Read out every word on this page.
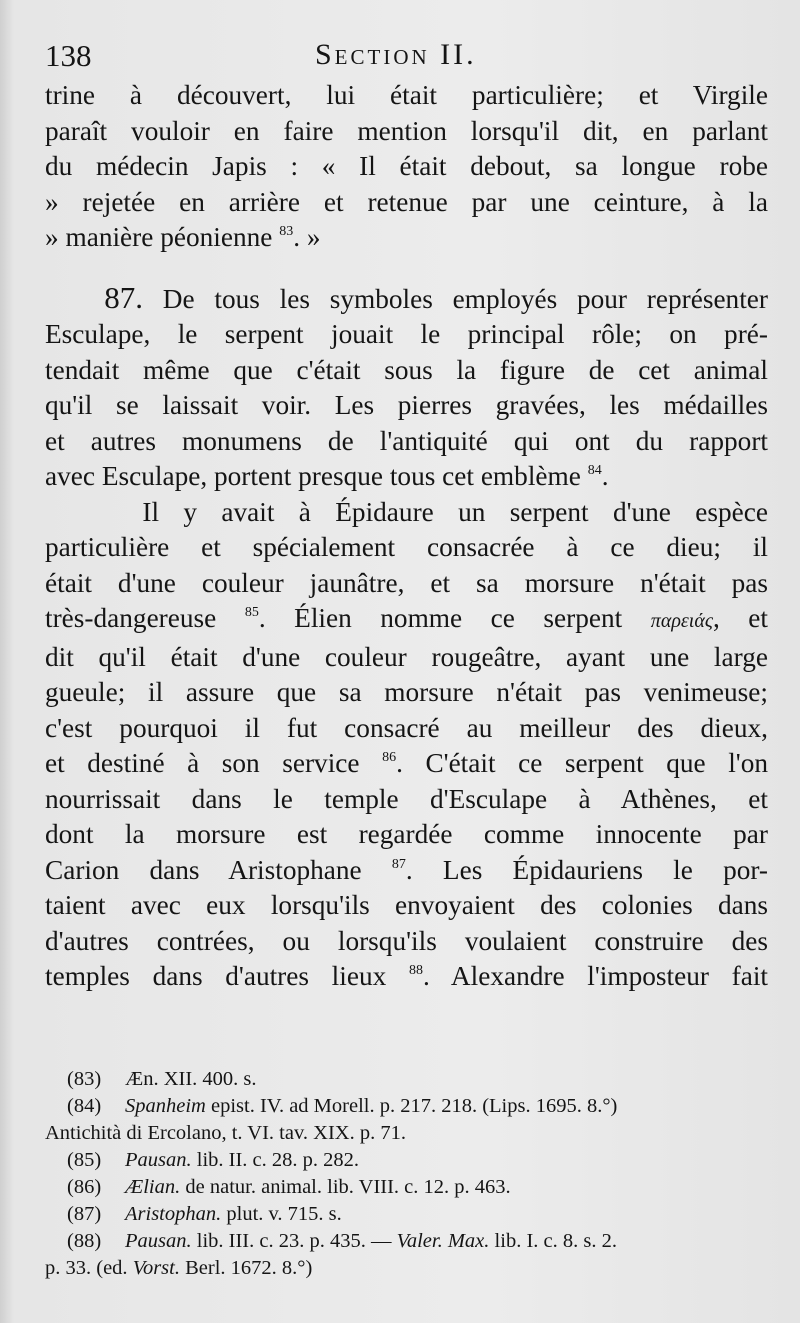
138	Section II.
trine à découvert, lui était particulière; et Virgile
paraît vouloir en faire mention lorsqu'il dit, en parlant
du médecin Japis : « Il était debout, sa longue robe
» rejetée en arrière et retenue par une ceinture, à la
» manière péonienne $^{83}$. »
87. De tous les symboles employés pour représenter
Esculape, le serpent jouait le principal rôle; on pré-
tendait même que c'était sous la figure de cet animal
qu'il se laissait voir. Les pierres gravées, les médailles
et autres monumens de l'antiquité qui ont du rapport
avec Esculape, portent presque tous cet emblème $^{84}$.
Il y avait à Épidaure un serpent d'une espèce
particulière et spécialement consacrée à ce dieu; il
était d'une couleur jaunâtre, et sa morsure n'était pas
très-dangereuse $^{85}$. Élien nomme ce serpent παρειάς, et
dit qu'il était d'une couleur rougeâtre, ayant une large
gueule; il assure que sa morsure n'était pas venimeuse;
c'est pourquoi il fut consacré au meilleur des dieux,
et destiné à son service $^{86}$. C'était ce serpent que l'on
nourrissait dans le temple d'Esculape à Athènes, et
dont la morsure est regardée comme innocente par
Carion dans Aristophane $^{87}$. Les Épidauriens le por-
taient avec eux lorsqu'ils envoyaient des colonies dans
d'autres contrées, ou lorsqu'ils voulaient construire des
temples dans d'autres lieux $^{88}$. Alexandre l'imposteur fait
(83) Æn. XII. 400. s.
(84) Spanheim epist. IV. ad Morell. p. 217. 218. (Lips. 1695. 8.°)
Antichità di Ercolano, t. VI. tav. XIX. p. 71.
(85) Pausan. lib. II. c. 28. p. 282.
(86) Ælian. de natur. animal. lib. VIII. c. 12. p. 463.
(87) Aristophan. plut. v. 715. s.
(88) Pausan. lib. III. c. 23. p. 435. — Valer. Max. lib. I. c. 8. s. 2.
p. 33. (ed. Vorst. Berl. 1672. 8.°)
